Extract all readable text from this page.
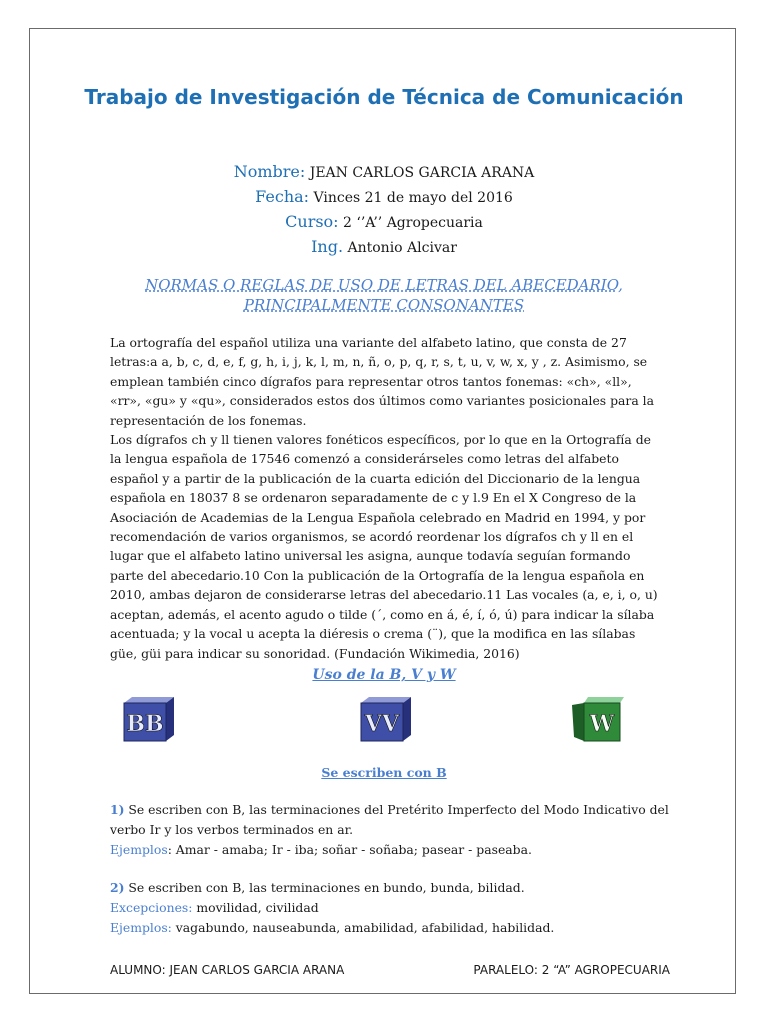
Trabajo de Investigación de Técnica de Comunicación
Nombre: JEAN CARLOS GARCIA ARANA
Fecha: Vinces 21 de mayo del 2016
Curso: 2 ‘’A’’ Agropecuaria
Ing. Antonio Alcivar
NORMAS O REGLAS DE USO DE LETRAS DEL ABECEDARIO, PRINCIPALMENTE CONSONANTES

La ortografía del español utiliza una variante del alfabeto latino, que consta de 27 letras:a a, b, c, d, e, f, g, h, i, j, k, l, m, n, ñ, o, p, q, r, s, t, u, v, w, x, y , z. Asimismo, se emplean también cinco dígrafos para representar otros tantos fonemas: «ch», «ll», «rr», «gu» y «qu», considerados estos dos últimos como variantes posicionales para la representación de los fonemas.

Los dígrafos ch y ll tienen valores fonéticos específicos, por lo que en la Ortografía de la lengua española de 17546 comenzó a considerárseles como letras del alfabeto español y a partir de la publicación de la cuarta edición del Diccionario de la lengua española en 18037 8 se ordenaron separadamente de c y l.9 En el X Congreso de la Asociación de Academias de la Lengua Española celebrado en Madrid en 1994, y por recomendación de varios organismos, se acordó reordenar los dígrafos ch y ll en el lugar que el alfabeto latino universal les asigna, aunque todavía seguían formando parte del abecedario.10 Con la publicación de la Ortografía de la lengua española en 2010, ambas dejaron de considerarse letras del abecedario.11 Las vocales (a, e, i, o, u) aceptan, además, el acento agudo o tilde (´, como en á, é, í, ó, ú) para indicar la sílaba acentuada; y la vocal u acepta la diéresis o crema (¨), que la modifica en las sílabas güe, güi para indicar su sonoridad. (Fundación Wikimedia, 2016)

Uso de la B, V y W
BB	VV	W
Se escriben con B
1) Se escriben con B, las terminaciones del Pretérito Imperfecto del Modo Indicativo del verbo Ir y los verbos terminados en ar.
Ejemplos: Amar - amaba; Ir - iba; soñar - soñaba; pasear - paseaba.
2) Se escriben con B, las terminaciones en bundo, bunda, bilidad.
Excepciones: movilidad, civilidad
Ejemplos: vagabundo, nauseabunda, amabilidad, afabilidad, habilidad.
ALUMNO: JEAN CARLOS GARCIA ARANA	PARALELO: 2 “A” AGROPECUARIA
